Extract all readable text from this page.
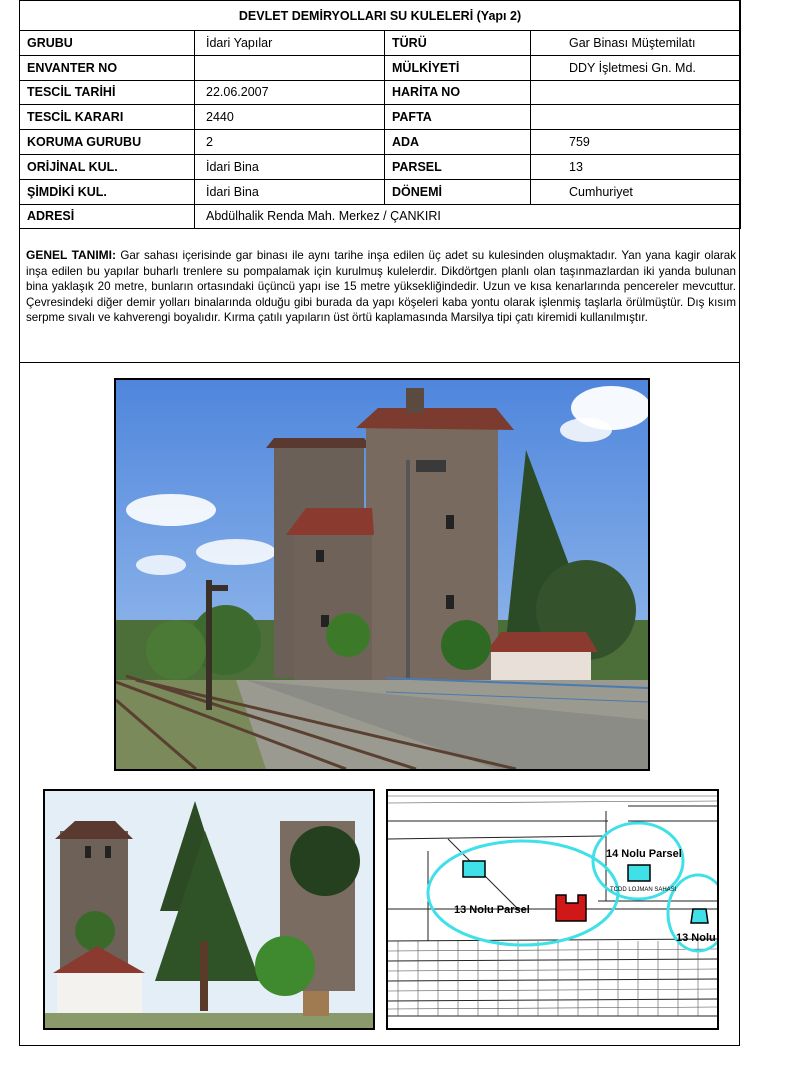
DEVLET DEMİRYOLLARI SU KULELERİ (Yapı 2)			
GRUBU	İdari Yapılar	TÜRÜ	Gar Binası Müştemilatı
ENVANTER NO		MÜLKİYETİ	DDY İşletmesi Gn. Md.
TESCİL TARİHİ	22.06.2007	HARİTA NO	
TESCİL KARARI	2440	PAFTA	
KORUMA GURUBU	2	ADA	759
ORİJİNAL KUL.	İdari Bina	PARSEL	13
ŞİMDİKİ KUL.	İdari Bina	DÖNEMİ	Cumhuriyet
ADRESİ	Abdülhalik Renda Mah. Merkez / ÇANKIRI		
GENEL TANIMI: Gar sahası içerisinde gar binası ile aynı tarihe inşa edilen üç adet su kulesinden oluşmaktadır. Yan yana kagir olarak inşa edilen bu yapılar buharlı trenlere su pompalamak için kurulmuş kulelerdir. Dikdörtgen planlı olan taşınmazlardan iki yanda bulunan bina yaklaşık 20 metre, bunların ortasındaki üçüncü yapı ise 15 metre yüksekliğindedir. Uzun ve kısa kenarlarında pencereler mevcuttur. Çevresindeki diğer demir yolları binalarında olduğu gibi burada da yapı köşeleri kaba yontu olarak işlenmiş taşlarla örülmüştür. Dış kısım serpme sıvalı ve kahverengi boyalıdır. Kırma çatılı yapıların üst örtü kaplamasında Marsilya tipi çatı kiremidi kullanılmıştır.
13 Nolu Parsel
14 Nolu Parsel
13 Nolu
TCDD LOJMAN SAHASI
